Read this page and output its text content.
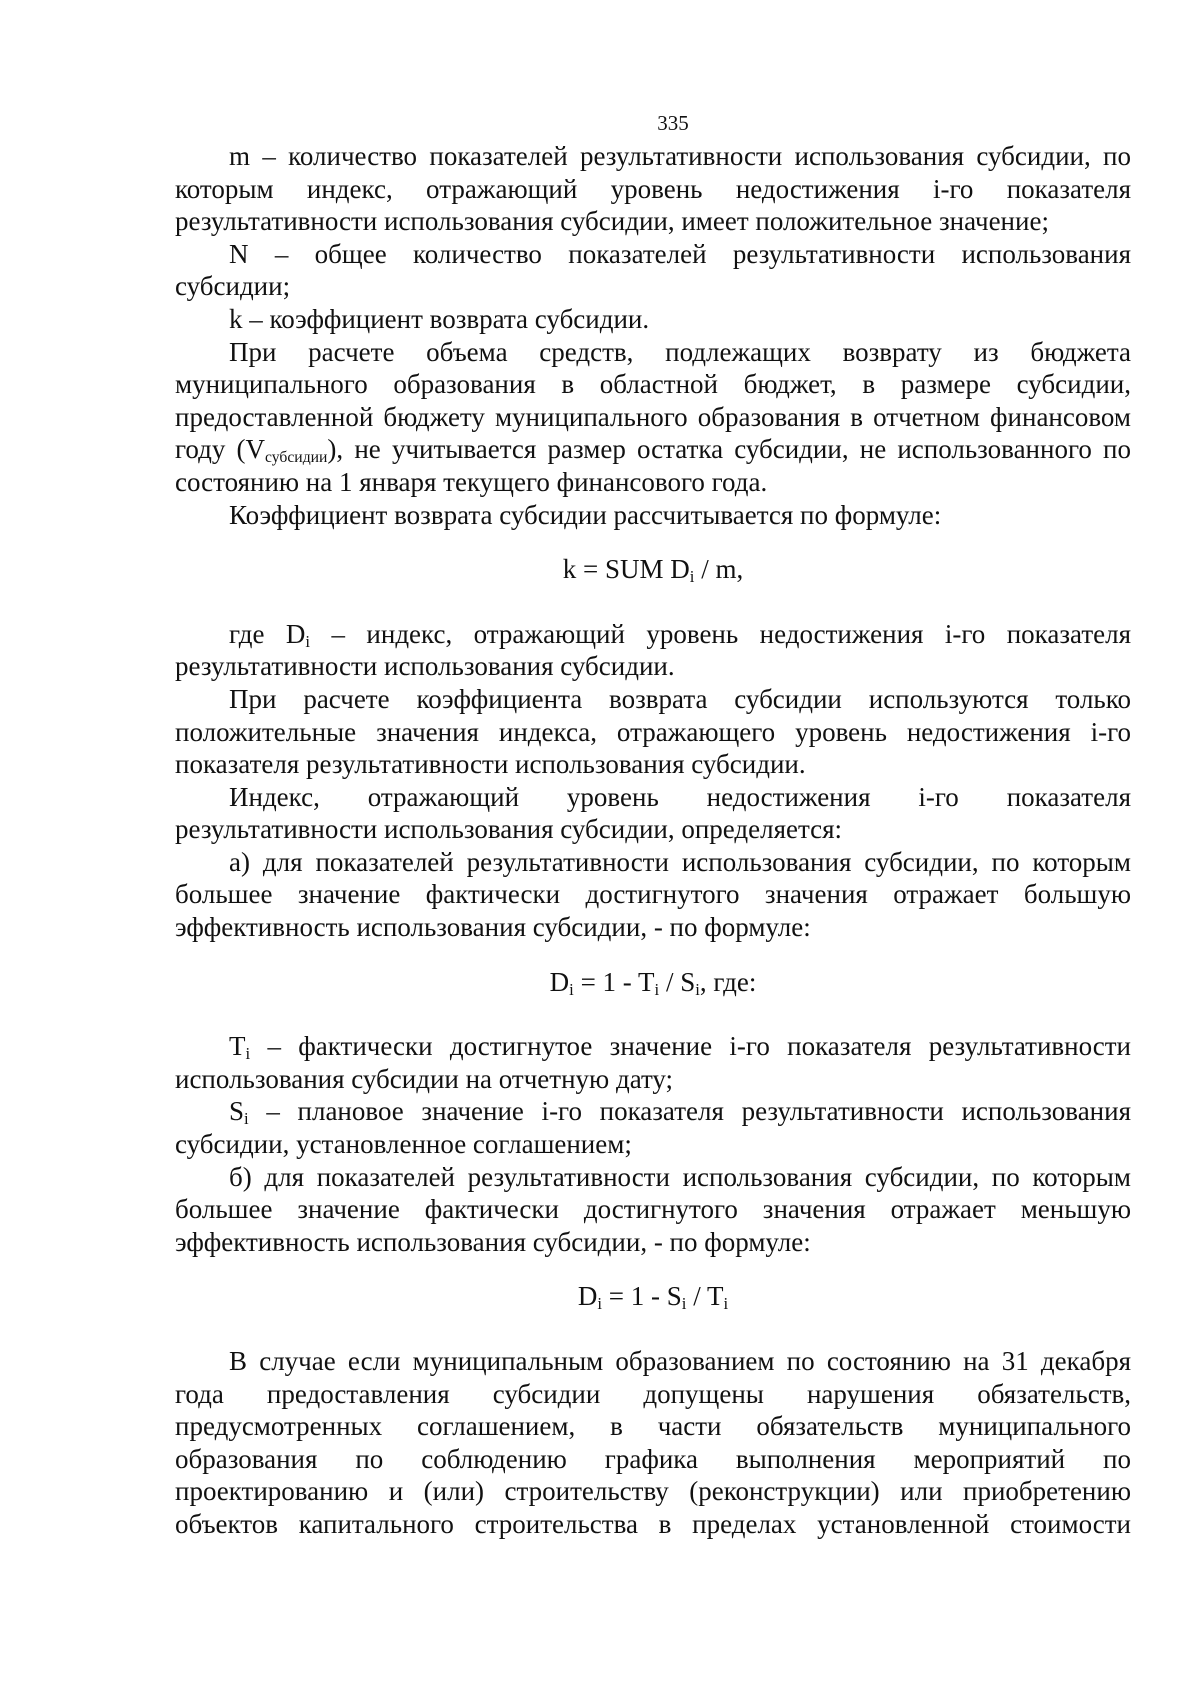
335

m – количество показателей результативности использования субсидии, по которым индекс, отражающий уровень недостижения i-го показателя результативности использования субсидии, имеет положительное значение;

N – общее количество показателей результативности использования субсидии;

k – коэффициент возврата субсидии.

При расчете объема средств, подлежащих возврату из бюджета муниципального образования в областной бюджет, в размере субсидии, предоставленной бюджету муниципального образования в отчетном финансовом году $(V_{субсидии})$, не учитывается размер остатка субсидии, не использованного по состоянию на 1 января текущего финансового года.

Коэффициент возврата субсидии рассчитывается по формуле:

k = SUM $D_i$ / m,

где $D_i$ – индекс, отражающий уровень недостижения i-го показателя результативности использования субсидии.

При расчете коэффициента возврата субсидии используются только положительные значения индекса, отражающего уровень недостижения i-го показателя результативности использования субсидии.

Индекс, отражающий уровень недостижения i-го показателя результативности использования субсидии, определяется:

а) для показателей результативности использования субсидии, по которым большее значение фактически достигнутого значения отражает большую эффективность использования субсидии, - по формуле:

$D_i = 1 - T_i / S_i$, где:

$T_i$ – фактически достигнутое значение i-го показателя результативности использования субсидии на отчетную дату;

$S_i$ – плановое значение i-го показателя результативности использования субсидии, установленное соглашением;

б) для показателей результативности использования субсидии, по которым большее значение фактически достигнутого значения отражает меньшую эффективность использования субсидии, - по формуле:

$D_i = 1 - S_i / T_i$

В случае если муниципальным образованием по состоянию на 31 декабря года предоставления субсидии допущены нарушения обязательств, предусмотренных соглашением, в части обязательств муниципального образования по соблюдению графика выполнения мероприятий по проектированию и (или) строительству (реконструкции) или приобретению объектов капитального строительства в пределах установленной стоимости
